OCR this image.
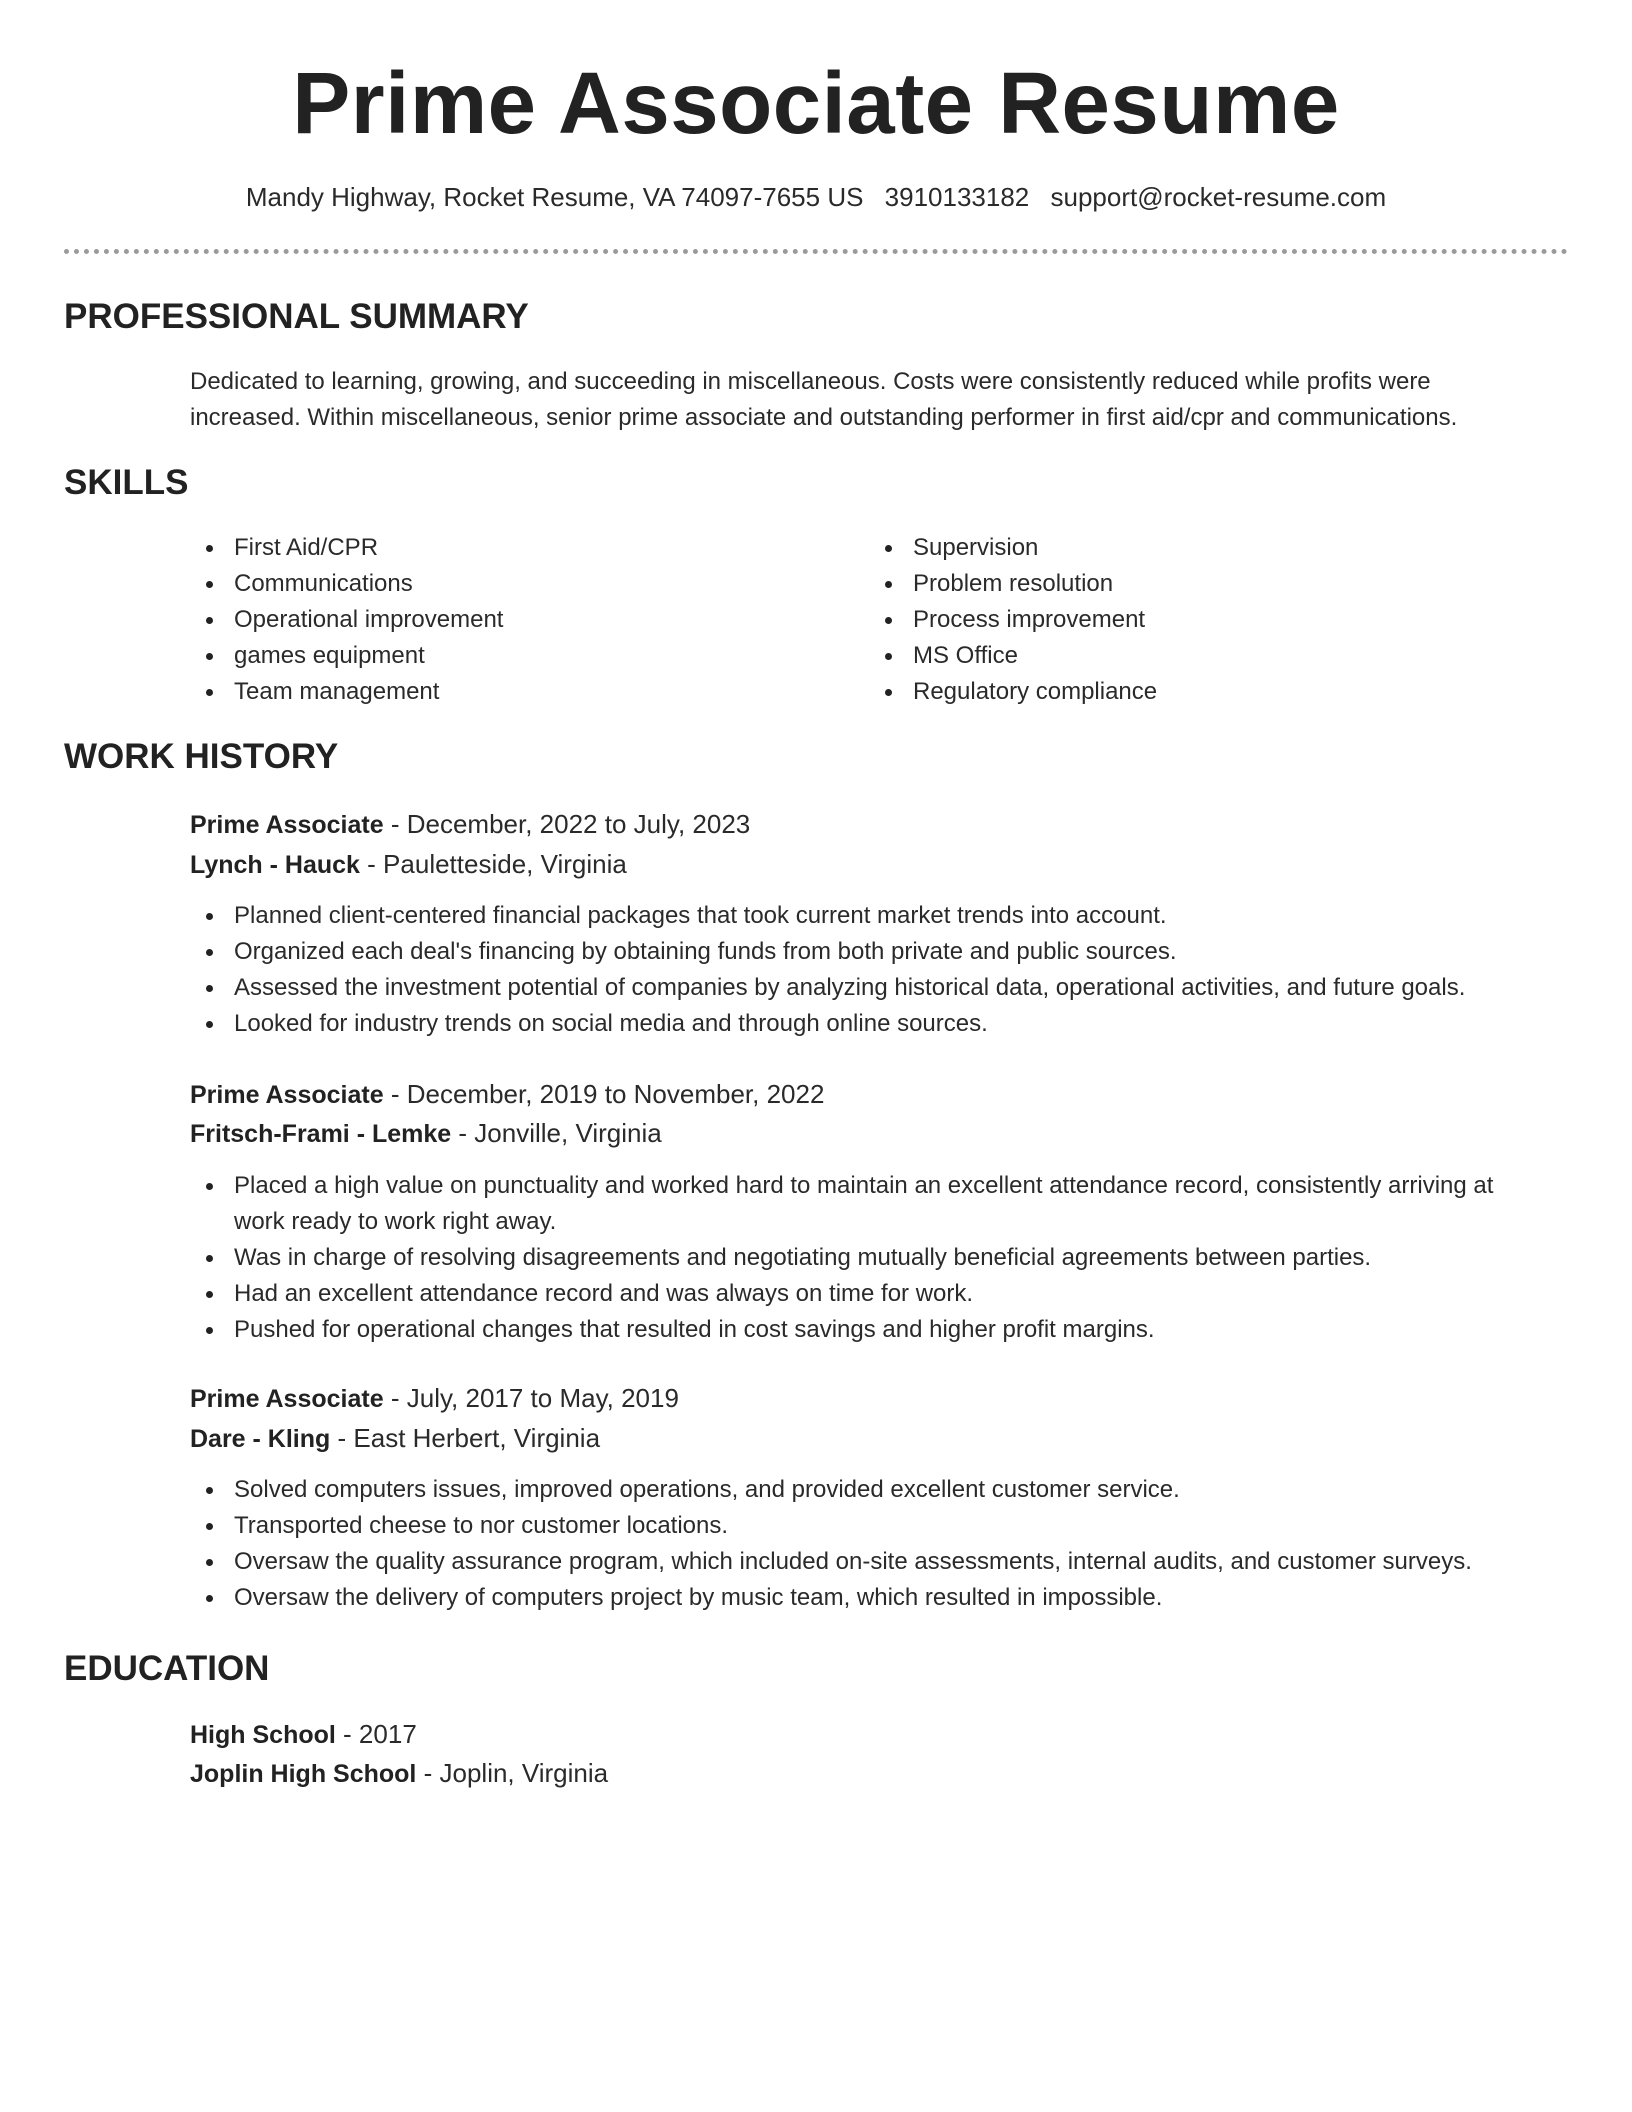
Prime Associate Resume
Mandy Highway, Rocket Resume, VA 74097-7655 US 3910133182 support@rocket-resume.com
PROFESSIONAL SUMMARY

Dedicated to learning, growing, and succeeding in miscellaneous. Costs were consistently reduced while profits were increased. Within miscellaneous, senior prime associate and outstanding performer in first aid/cpr and communications.

SKILLS
First Aid/CPR
Communications
Operational improvement
games equipment
Team management
Supervision
Problem resolution
Process improvement
MS Office
Regulatory compliance
WORK HISTORY
Prime Associate - December, 2022 to July, 2023
Lynch - Hauck - Pauletteside, Virginia
Planned client-centered financial packages that took current market trends into account.
Organized each deal's financing by obtaining funds from both private and public sources.
Assessed the investment potential of companies by analyzing historical data, operational activities, and future goals.
Looked for industry trends on social media and through online sources.
Prime Associate - December, 2019 to November, 2022
Fritsch-Frami - Lemke - Jonville, Virginia
Placed a high value on punctuality and worked hard to maintain an excellent attendance record, consistently arriving at work ready to work right away.
Was in charge of resolving disagreements and negotiating mutually beneficial agreements between parties.
Had an excellent attendance record and was always on time for work.
Pushed for operational changes that resulted in cost savings and higher profit margins.
Prime Associate - July, 2017 to May, 2019
Dare - Kling - East Herbert, Virginia
Solved computers issues, improved operations, and provided excellent customer service.
Transported cheese to nor customer locations.
Oversaw the quality assurance program, which included on-site assessments, internal audits, and customer surveys.
Oversaw the delivery of computers project by music team, which resulted in impossible.
EDUCATION
High School - 2017
Joplin High School - Joplin, Virginia
